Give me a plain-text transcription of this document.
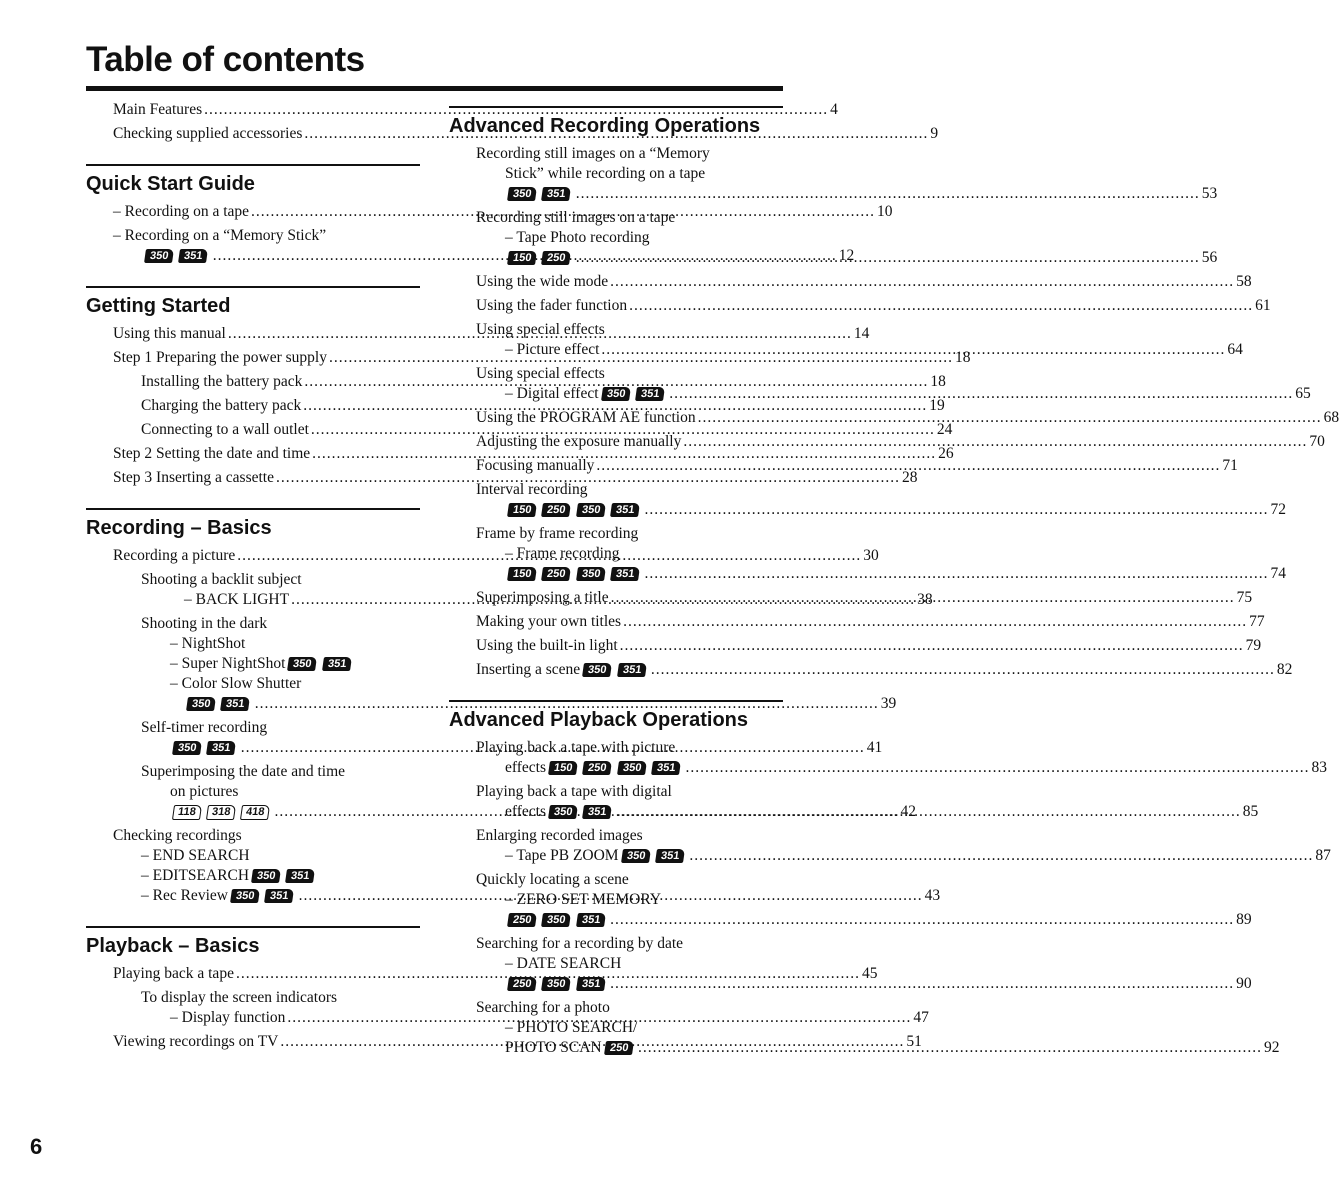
Table of contents
Main Features .....	4
Checking supplied accessories .....	9
Quick Start Guide
– Recording on a tape .....	10
– Recording on a “Memory Stick”
350 351 .....	12
Getting Started
Using this manual .....	14
Step 1 Preparing the power supply .....	18
Installing the battery pack .....	18
Charging the battery pack .....	19
Connecting to a wall outlet .....	24
Step 2 Setting the date and time .....	26
Step 3 Inserting a cassette .....	28
Recording – Basics
Recording a picture .....	30
Shooting a backlit subject
– BACK LIGHT .....	38
Shooting in the dark
– NightShot
– Super NightShot 350 351
– Color Slow Shutter
350 351 .....	39
Self-timer recording
350 351 .....	41
Superimposing the date and time
on pictures
118 318 418 .....	42
Checking recordings
– END SEARCH
– EDITSEARCH 350 351
– Rec Review 350 351 .....	43
Playback – Basics
Playing back a tape .....	45
To display the screen indicators
– Display function .....	47
Viewing recordings on TV .....	51
Advanced Recording Operations
Recording still images on a “Memory
Stick” while recording on a tape
350 351 .....	53
Recording still images on a tape
– Tape Photo recording
150 250 .....	56
Using the wide mode .....	58
Using the fader function .....	61
Using special effects
– Picture effect .....	64
Using special effects
– Digital effect 350 351 .....	65
Using the PROGRAM AE function .....	68
Adjusting the exposure manually .....	70
Focusing manually .....	71
Interval recording
150 250 350 351 .....	72
Frame by frame recording
– Frame recording
150 250 350 351 .....	74
Superimposing a title .....	75
Making your own titles .....	77
Using the built-in light .....	79
Inserting a scene 350 351 .....	82
Advanced Playback Operations
Playing back a tape with picture
effects 150 250 350 351 .....	83
Playing back a tape with digital
effects 350 351 .....	85
Enlarging recorded images
– Tape PB ZOOM 350 351 .....	87
Quickly locating a scene
– ZERO SET MEMORY
250 350 351 .....	89
Searching for a recording by date
– DATE SEARCH
250 350 351 .....	90
Searching for a photo
– PHOTO SEARCH/
PHOTO SCAN 250 .....	92
6
